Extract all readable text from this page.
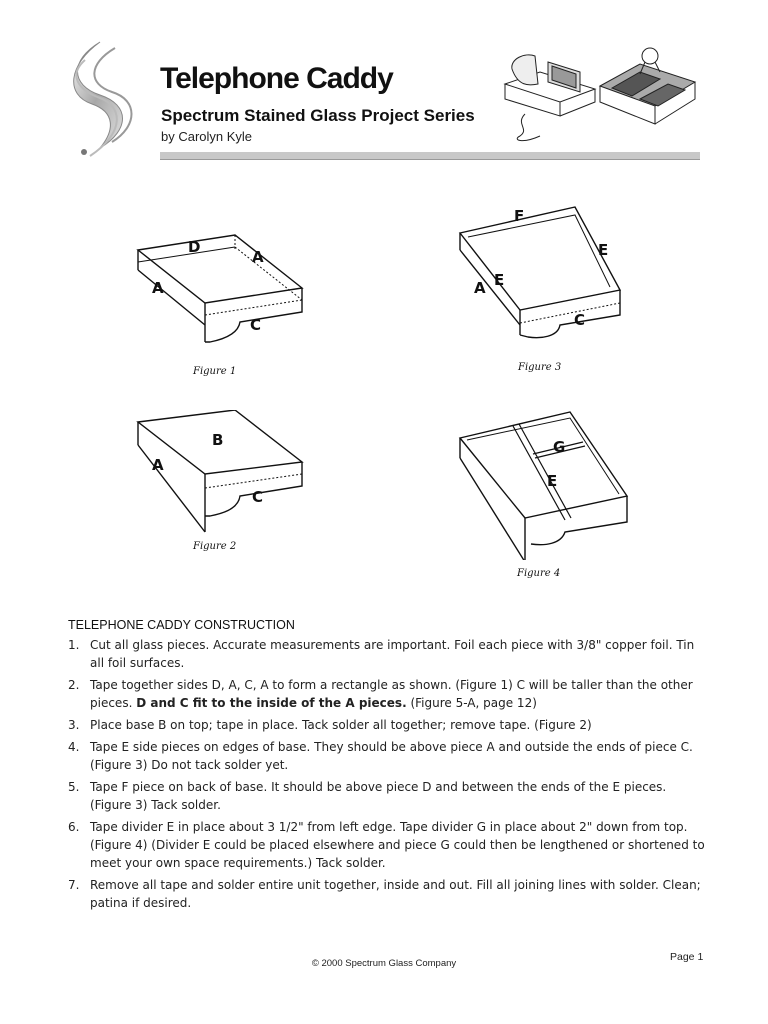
Telephone Caddy
Spectrum Stained Glass Project Series
by Carolyn Kyle
D
A
A
C
Figure 1
B
A
C
Figure 2
F
E
E
A
C
Figure 3
G
E
Figure 4
TELEPHONE CADDY CONSTRUCTION
1. Cut all glass pieces. Accurate measurements are important. Foil each piece with 3/8" copper foil. Tin all foil surfaces.
2. Tape together sides D, A, C, A to form a rectangle as shown. (Figure 1) C will be taller than the other pieces. D and C fit to the inside of the A pieces. (Figure 5-A, page 12)
3. Place base B on top; tape in place. Tack solder all together; remove tape. (Figure 2)
4. Tape E side pieces on edges of base. They should be above piece A and outside the ends of piece C. (Figure 3) Do not tack solder yet.
5. Tape F piece on back of base. It should be above piece D and between the ends of the E pieces. (Figure 3) Tack solder.
6. Tape divider E in place about 3 1/2" from left edge. Tape divider G in place about 2" down from top. (Figure 4) (Divider E could be placed elsewhere and piece G could then be lengthened or shortened to meet your own space requirements.) Tack solder.
7. Remove all tape and solder entire unit together, inside and out. Fill all joining lines with solder. Clean; patina if desired.
Page 1
© 2000 Spectrum Glass Company
